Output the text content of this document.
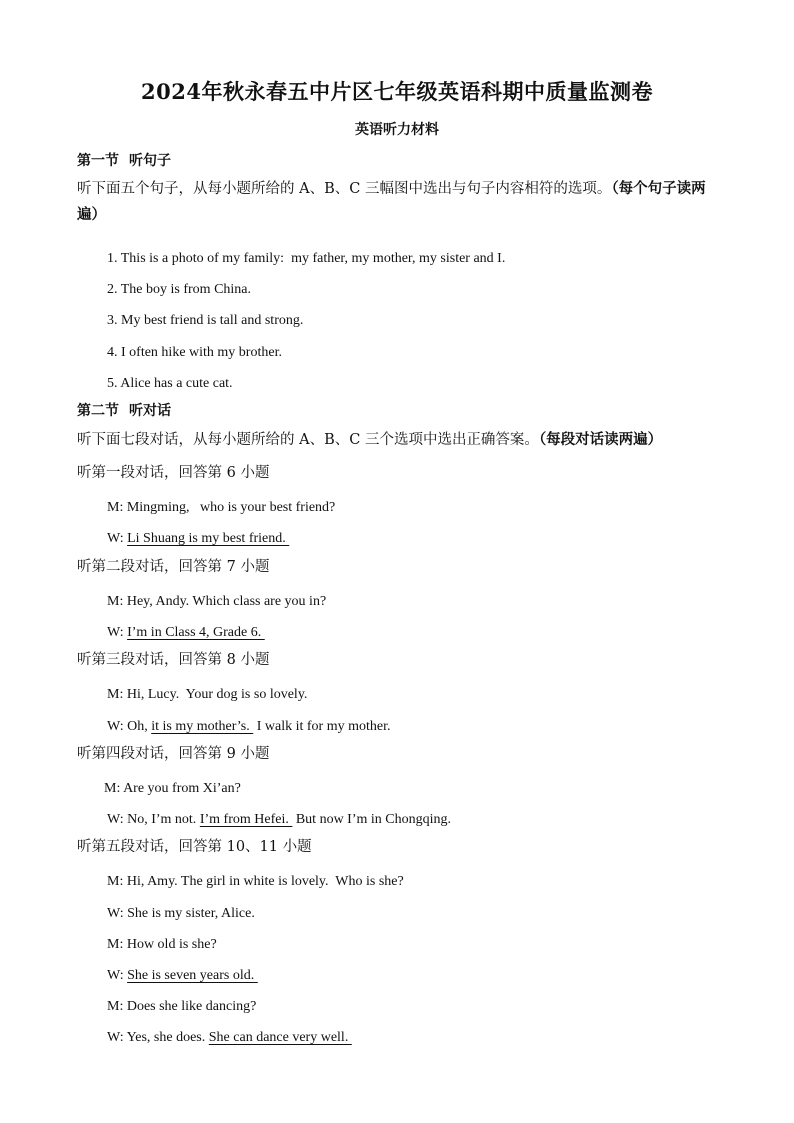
2024年秋永春五中片区七年级英语科期中质量监测卷
英语听力材料
第一节 听句子
听下面五个句子，从每小题所给的 A、B、C 三幅图中选出与句子内容相符的选项。（每个句子读两遍）
1. This is a photo of my family:  my father, my mother, my sister and I.
2. The boy is from China.
3. My best friend is tall and strong.
4. I often hike with my brother.
5. Alice has a cute cat.
第二节 听对话
听下面七段对话，从每小题所给的 A、B、C 三个选项中选出正确答案。（每段对话读两遍）
听第一段对话，回答第 6 小题
M: Mingming,   who is your best friend?
W: Li Shuang is my best friend.
听第二段对话，回答第 7 小题
M: Hey, Andy. Which class are you in?
W: I’m in Class 4, Grade 6.
听第三段对话，回答第 8 小题
M: Hi, Lucy.  Your dog is so lovely.
W: Oh, it is my mother’s.  I walk it for my mother.
听第四段对话，回答第 9 小题
M: Are you from Xi’an?
W: No, I’m not. I’m from Hefei.  But now I’m in Chongqing.
听第五段对话，回答第 10、11 小题
M: Hi, Amy. The girl in white is lovely.  Who is she?
W: She is my sister, Alice.
M: How old is she?
W: She is seven years old.
M: Does she like dancing?
W: Yes, she does. She can dance very well.
